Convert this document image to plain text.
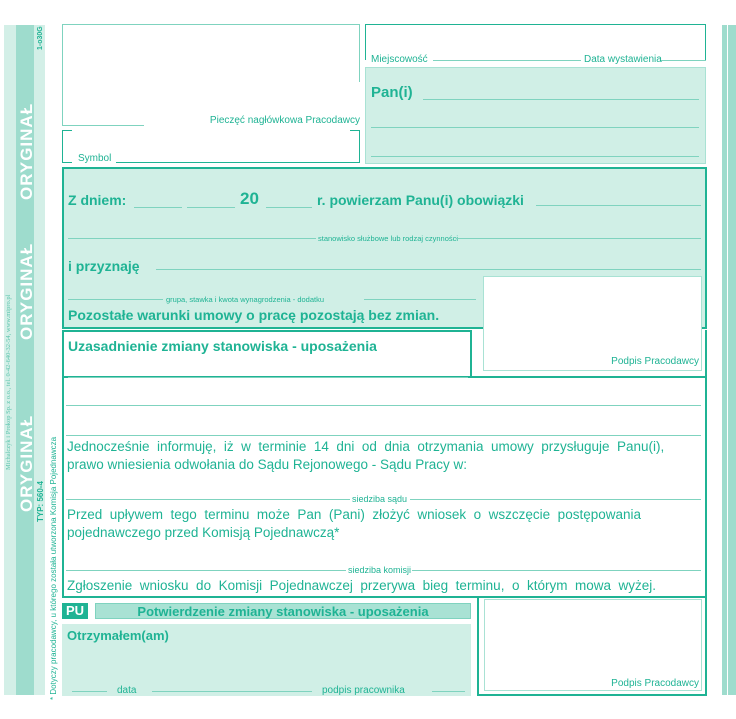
ORYGINAŁ
ORYGINAŁ
ORYGINAŁ
Michalczyk i Prokop Sp. z o.o., tel. 0-42-640-32-54, www.mipro.pl
TYP: 560-4
1-o30G
* Dotyczy pracodawcy, u którego została utworzona Komisja Pojednawcza
Pieczęć nagłówkowa Pracodawcy
Symbol
Miejscowość	Data wystawienia
Pan(i)
Z dniem:	20	r. powierzam Panu(i) obowiązki
stanowisko służbowe lub rodzaj czynności
i przyznaję
grupa, stawka i kwota wynagrodzenia - dodatku
Pozostałe warunki umowy o pracę pozostają bez zmian.
Podpis Pracodawcy
Uzasadnienie zmiany stanowiska - uposażenia
Jednocześnie  informuję,  iż  w  terminie  14  dni  od  dnia  otrzymania  umowy  przysługuje  Panu(i),
prawo wniesienia odwołania do Sądu Rejonowego - Sądu Pracy w:
siedziba sądu
Przed  upływem  tego  terminu  może  Pan  (Pani)  złożyć  wniosek  o  wszczęcie  postępowania
pojednawczego przed Komisją Pojednawczą*
siedziba komisji
Zgłoszenie  wniosku  do  Komisji  Pojednawczej  przerywa  bieg  terminu,  o  którym  mowa  wyżej.
PU	Potwierdzenie zmiany stanowiska - uposażenia
Otrzymałem(am)
data	podpis pracownika
Podpis Pracodawcy
